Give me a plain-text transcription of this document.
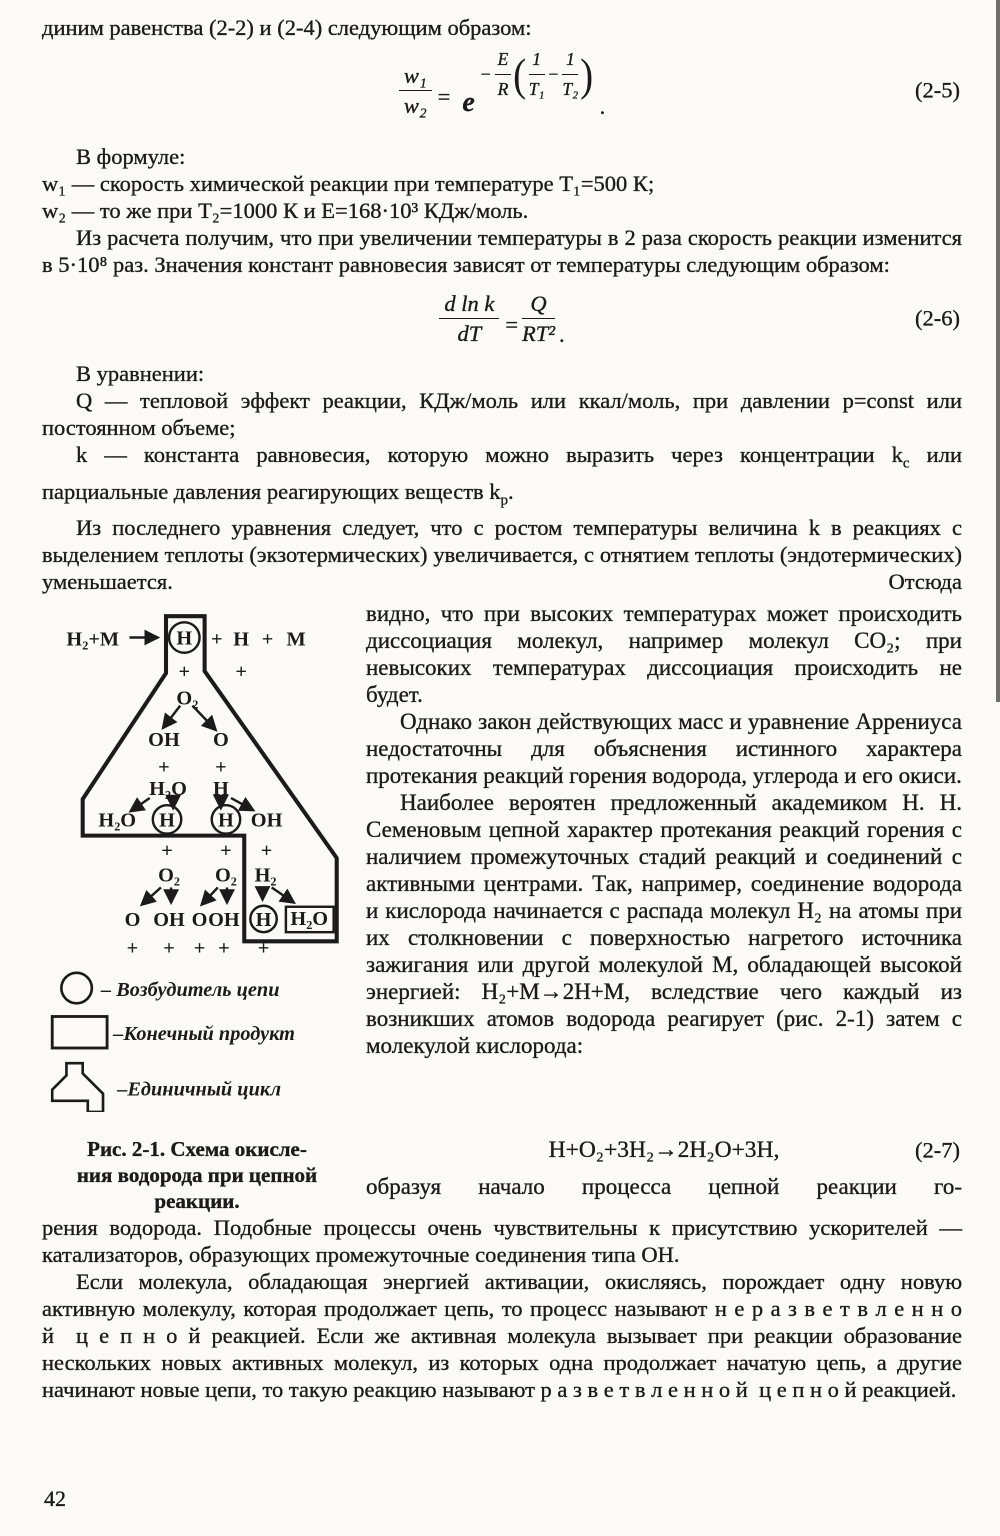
диним равенства (2-2) и (2-4) следующим образом:

$\frac{\text{w₁}}{\text{w₂}} = e$
− $\frac{E}{R}$ ( $\frac{1}{\text{T₁}} - \frac{1}{\text{T₂}}$ )
.
(2-5)

В формуле:

w₁ — скорость химической реакции при температуре T₁=500 К;

w₂ — то же при T₂=1000 К и E=168·10³ КДж/моль.

Из расчета получим, что при увеличении температуры в 2 раза скорость реакции изменится в 5·10⁸ раз. Значения констант равновесия зависят от температуры следующим образом:

$\frac{\text{d ln k}}{dT} = \frac{Q}{\text{RT²}}$ .
(2-6)

В уравнении:

Q — тепловой эффект реакции, КДж/моль или ккал/моль, при давлении p=const или постоянном объеме;

k — константа равновесия, которую можно выразить через концентрации $k_с$ или парциальные давления реагирующих веществ $k_р$.

Из последнего уравнения следует, что с ростом температуры величина k в реакциях с выделением теплоты (экзотермических) увеличивается, с отнятием теплоты (эндотермических) уменьшается. Отсюда

H₂+M	H + H + M
+ +
O₂
OH O
+ +
H₂O H
H₂O H H OH
+ + +
O₂ O₂ H₂
O OH O OH H H₂O
+ + + + +
– Возбудитель цепи
–Конечный продукт
–Единичный цикл
Рис. 2-1. Схема окисле-
ния водорода при цепной
реакции.

видно, что при высоких температурах может происходить диссоциация молекул, например молекул CO₂; при невысоких температурах диссоциация происходить не будет.

Однако закон действующих масс и уравнение Аррениуса недостаточны для объяснения истинного характера протекания реакций горения водорода, углерода и его окиси.

Наиболее вероятен предложенный академиком Н. Н. Семеновым цепной характер протекания реакций горения с наличием промежуточных стадий реакций и соединений с активными центрами. Так, например, соединение водорода и кислорода начинается с распада молекул H₂ на атомы при их столкновении с поверхностью нагретого источника зажигания или другой молекулой M, обладающей высокой энергией: H₂+M→2H+M, вследствие чего каждый из возникших атомов водорода реагирует (рис. 2-1) затем с молекулой кислорода:

H+O₂+3H₂→2H₂O+3H,	(2-7)

образуя начало процесса цепной реакции го-

рения водорода. Подобные процессы очень чувствительны к присутствию ускорителей — катализаторов, образующих промежуточные соединения типа OH.

Если молекула, обладающая энергией активации, окисляясь, порождает одну новую активную молекулу, которая продолжает цепь, то процесс называют н е р а з в е т в л е н н о й  ц е п н о й реакцией. Если же активная молекула вызывает при реакции образование нескольких новых активных молекул, из которых одна продолжает начатую цепь, а другие начинают новые цепи, то такую реакцию называют р а з в е т в л е н н о й  ц е п н о й реакцией.

42
